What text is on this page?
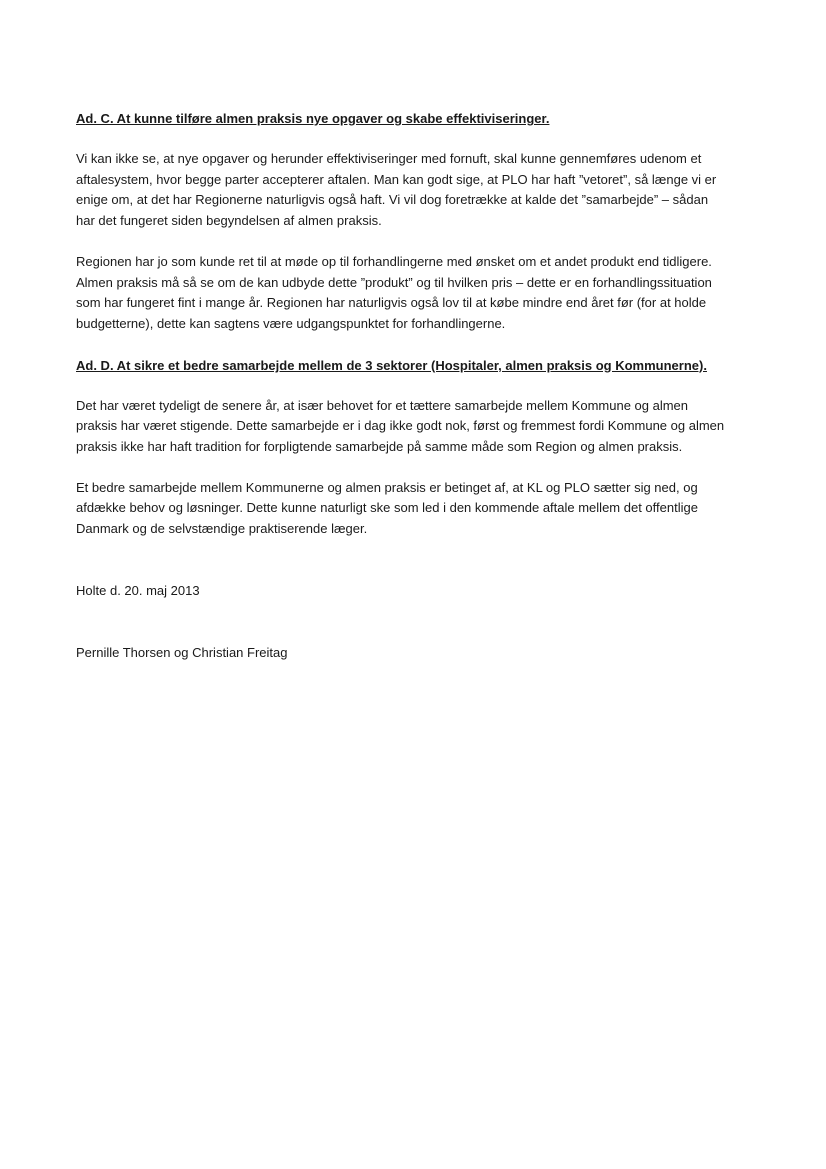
Ad. C. At kunne tilføre almen praksis nye opgaver og skabe effektiviseringer.

Vi kan ikke se, at nye opgaver og herunder effektiviseringer med fornuft, skal kunne gennemføres udenom et
aftalesystem, hvor begge parter accepterer aftalen. Man kan godt sige, at PLO har haft ”vetoret”, så længe vi er
enige om, at det har Regionerne naturligvis også haft. Vi vil dog foretrække at kalde det ”samarbejde” – sådan
har det fungeret siden begyndelsen af almen praksis.

Regionen har jo som kunde ret til at møde op til forhandlingerne med ønsket om et andet produkt end tidligere.
Almen praksis må så se om de kan udbyde dette ”produkt” og til hvilken pris – dette er en forhandlingssituation
som har fungeret fint i mange år. Regionen har naturligvis også lov til at købe mindre end året før (for at holde
budgetterne), dette kan sagtens være udgangspunktet for forhandlingerne.

Ad. D. At sikre et bedre samarbejde mellem de 3 sektorer (Hospitaler, almen praksis og Kommunerne).

Det har været tydeligt de senere år, at især behovet for et tættere samarbejde mellem Kommune og almen
praksis har været stigende. Dette samarbejde er i dag ikke godt nok, først og fremmest fordi Kommune og almen
praksis ikke har haft tradition for forpligtende samarbejde på samme måde som Region og almen praksis.

Et bedre samarbejde mellem Kommunerne og almen praksis er betinget af, at KL og PLO sætter sig ned, og
afdække behov og løsninger. Dette kunne naturligt ske som led i den kommende aftale mellem det offentlige
Danmark og de selvstændige praktiserende læger.

Holte d. 20. maj 2013

Pernille Thorsen og Christian Freitag
